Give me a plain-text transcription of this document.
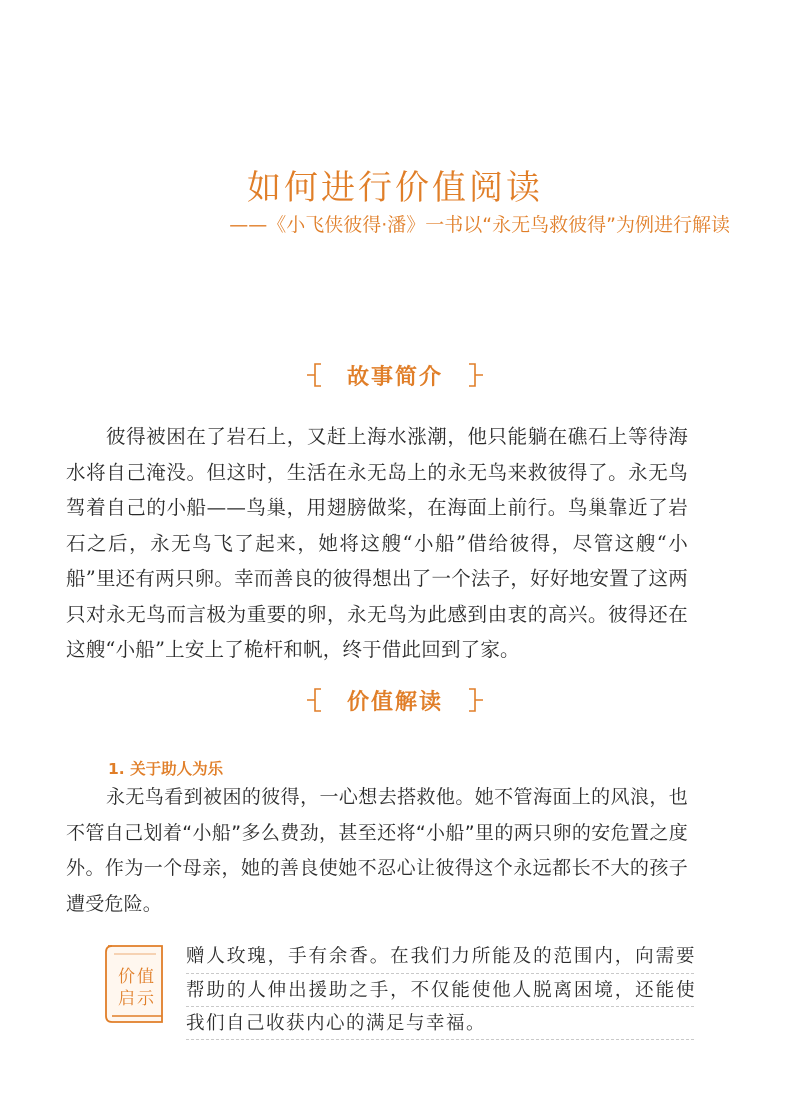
如何进行价值阅读
——《小飞侠彼得·潘》一书以“永无鸟救彼得”为例进行解读
故事简介

彼得被困在了岩石上，又赶上海水涨潮，他只能躺在礁石上等待海水将自己淹没。但这时，生活在永无岛上的永无鸟来救彼得了。永无鸟驾着自己的小船——鸟巢，用翅膀做桨，在海面上前行。鸟巢靠近了岩石之后，永无鸟飞了起来，她将这艘“小船”借给彼得，尽管这艘“小船”里还有两只卵。幸而善良的彼得想出了一个法子，好好地安置了这两只对永无鸟而言极为重要的卵，永无鸟为此感到由衷的高兴。彼得还在这艘“小船”上安上了桅杆和帆，终于借此回到了家。

价值解读
1. 关于助人为乐

永无鸟看到被困的彼得，一心想去搭救他。她不管海面上的风浪，也不管自己划着“小船”多么费劲，甚至还将“小船”里的两只卵的安危置之度外。作为一个母亲，她的善良使她不忍心让彼得这个永远都长不大的孩子遭受危险。

价值
启示

赠人玫瑰，手有余香。在我们力所能及的范围内，向需要帮助的人伸出援助之手，不仅能使他人脱离困境，还能使我们自己收获内心的满足与幸福。
